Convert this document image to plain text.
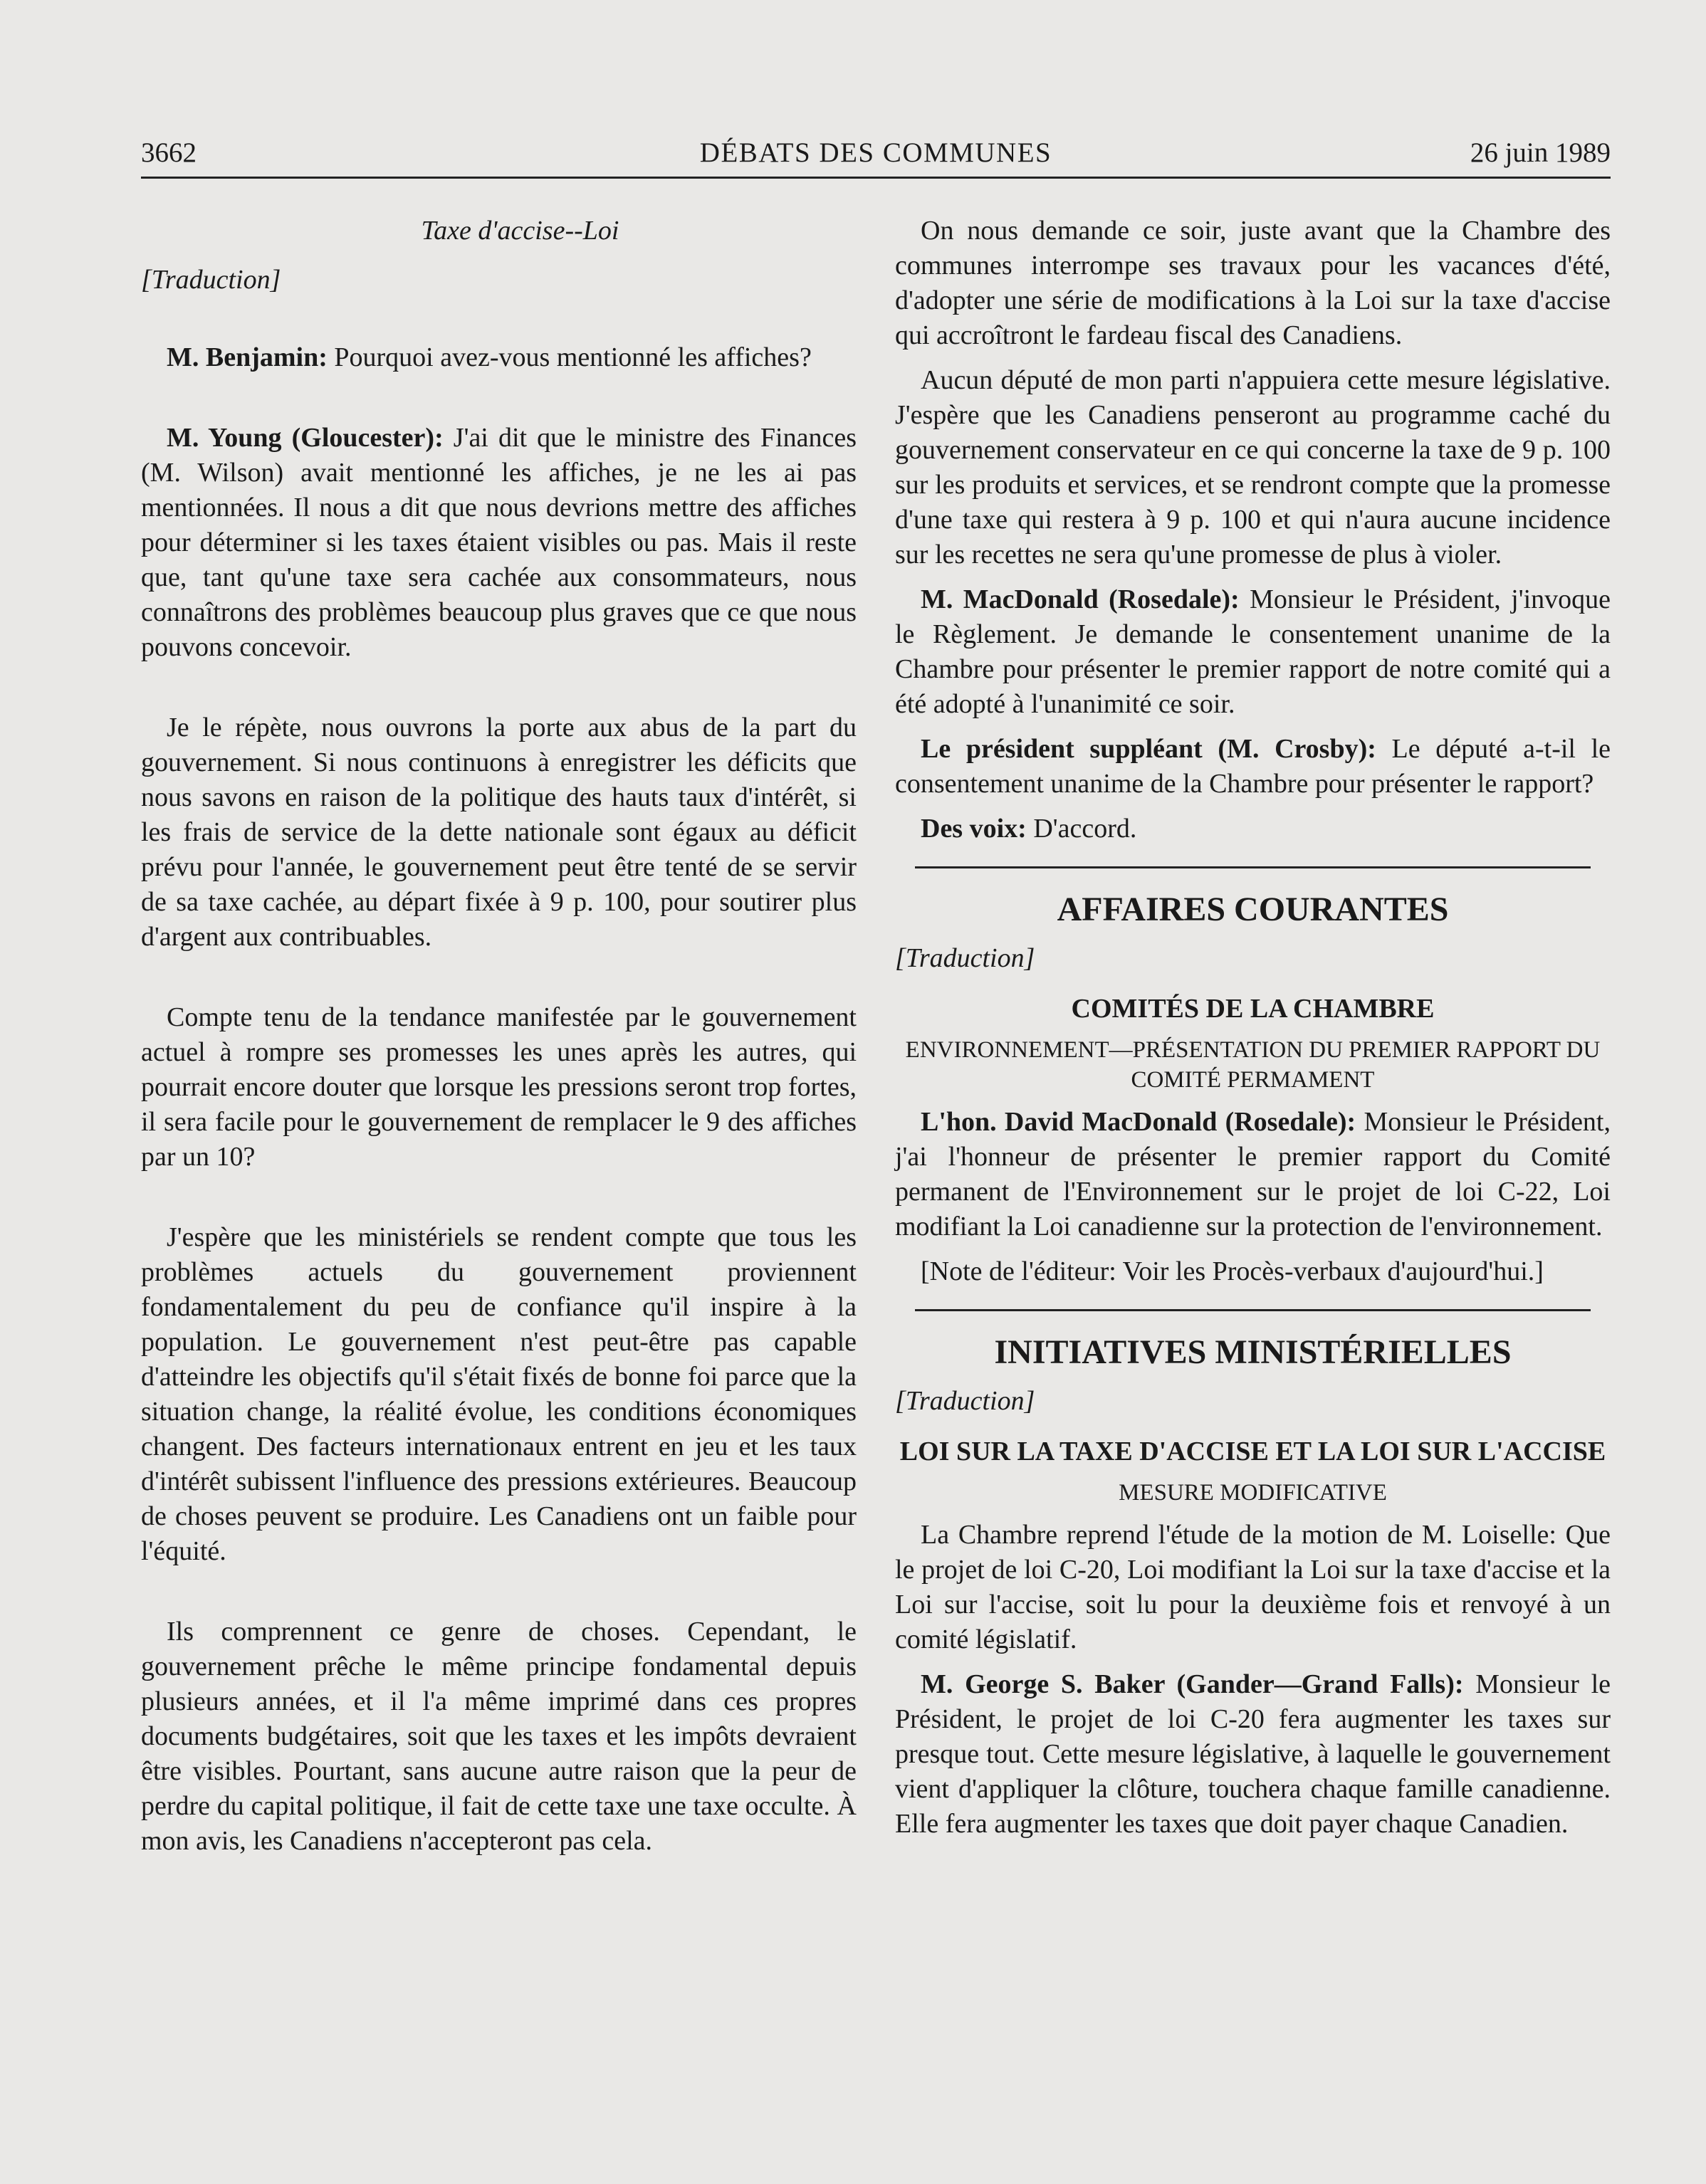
3662	DÉBATS DES COMMUNES	26 juin 1989

Taxe d'accise--Loi

[Traduction]

M. Benjamin: Pourquoi avez-vous mentionné les affiches?

M. Young (Gloucester): J'ai dit que le ministre des Finances (M. Wilson) avait mentionné les affiches, je ne les ai pas mentionnées. Il nous a dit que nous devrions mettre des affiches pour déterminer si les taxes étaient visibles ou pas. Mais il reste que, tant qu'une taxe sera cachée aux consommateurs, nous connaîtrons des problèmes beaucoup plus graves que ce que nous pouvons concevoir.

Je le répète, nous ouvrons la porte aux abus de la part du gouvernement. Si nous continuons à enregistrer les déficits que nous savons en raison de la politique des hauts taux d'intérêt, si les frais de service de la dette nationale sont égaux au déficit prévu pour l'année, le gouvernement peut être tenté de se servir de sa taxe cachée, au départ fixée à 9 p. 100, pour soutirer plus d'argent aux contribuables.

Compte tenu de la tendance manifestée par le gouvernement actuel à rompre ses promesses les unes après les autres, qui pourrait encore douter que lorsque les pressions seront trop fortes, il sera facile pour le gouvernement de remplacer le 9 des affiches par un 10?

J'espère que les ministériels se rendent compte que tous les problèmes actuels du gouvernement proviennent fondamentalement du peu de confiance qu'il inspire à la population. Le gouvernement n'est peut-être pas capable d'atteindre les objectifs qu'il s'était fixés de bonne foi parce que la situation change, la réalité évolue, les conditions économiques changent. Des facteurs internationaux entrent en jeu et les taux d'intérêt subissent l'influence des pressions extérieures. Beaucoup de choses peuvent se produire. Les Canadiens ont un faible pour l'équité.

Ils comprennent ce genre de choses. Cependant, le gouvernement prêche le même principe fondamental depuis plusieurs années, et il l'a même imprimé dans ces propres documents budgétaires, soit que les taxes et les impôts devraient être visibles. Pourtant, sans aucune autre raison que la peur de perdre du capital politique, il fait de cette taxe une taxe occulte. À mon avis, les Canadiens n'accepteront pas cela.

On nous demande ce soir, juste avant que la Chambre des communes interrompe ses travaux pour les vacances d'été, d'adopter une série de modifications à la Loi sur la taxe d'accise qui accroîtront le fardeau fiscal des Canadiens.

Aucun député de mon parti n'appuiera cette mesure législative. J'espère que les Canadiens penseront au programme caché du gouvernement conservateur en ce qui concerne la taxe de 9 p. 100 sur les produits et services, et se rendront compte que la promesse d'une taxe qui restera à 9 p. 100 et qui n'aura aucune incidence sur les recettes ne sera qu'une promesse de plus à violer.

M. MacDonald (Rosedale): Monsieur le Président, j'invoque le Règlement. Je demande le consentement unanime de la Chambre pour présenter le premier rapport de notre comité qui a été adopté à l'unanimité ce soir.

Le président suppléant (M. Crosby): Le député a-t-il le consentement unanime de la Chambre pour présenter le rapport?

Des voix: D'accord.

AFFAIRES COURANTES

[Traduction]

COMITÉS DE LA CHAMBRE
ENVIRONNEMENT—PRÉSENTATION DU PREMIER RAPPORT DU COMITÉ PERMAMENT

L'hon. David MacDonald (Rosedale): Monsieur le Président, j'ai l'honneur de présenter le premier rapport du Comité permanent de l'Environnement sur le projet de loi C-22, Loi modifiant la Loi canadienne sur la protection de l'environnement.

[Note de l'éditeur: Voir les Procès-verbaux d'aujourd'hui.]

INITIATIVES MINISTÉRIELLES

[Traduction]

LOI SUR LA TAXE D'ACCISE ET LA LOI SUR L'ACCISE
MESURE MODIFICATIVE

La Chambre reprend l'étude de la motion de M. Loiselle: Que le projet de loi C-20, Loi modifiant la Loi sur la taxe d'accise et la Loi sur l'accise, soit lu pour la deuxième fois et renvoyé à un comité législatif.

M. George S. Baker (Gander—Grand Falls): Monsieur le Président, le projet de loi C-20 fera augmenter les taxes sur presque tout. Cette mesure législative, à laquelle le gouvernement vient d'appliquer la clôture, touchera chaque famille canadienne. Elle fera augmenter les taxes que doit payer chaque Canadien.
